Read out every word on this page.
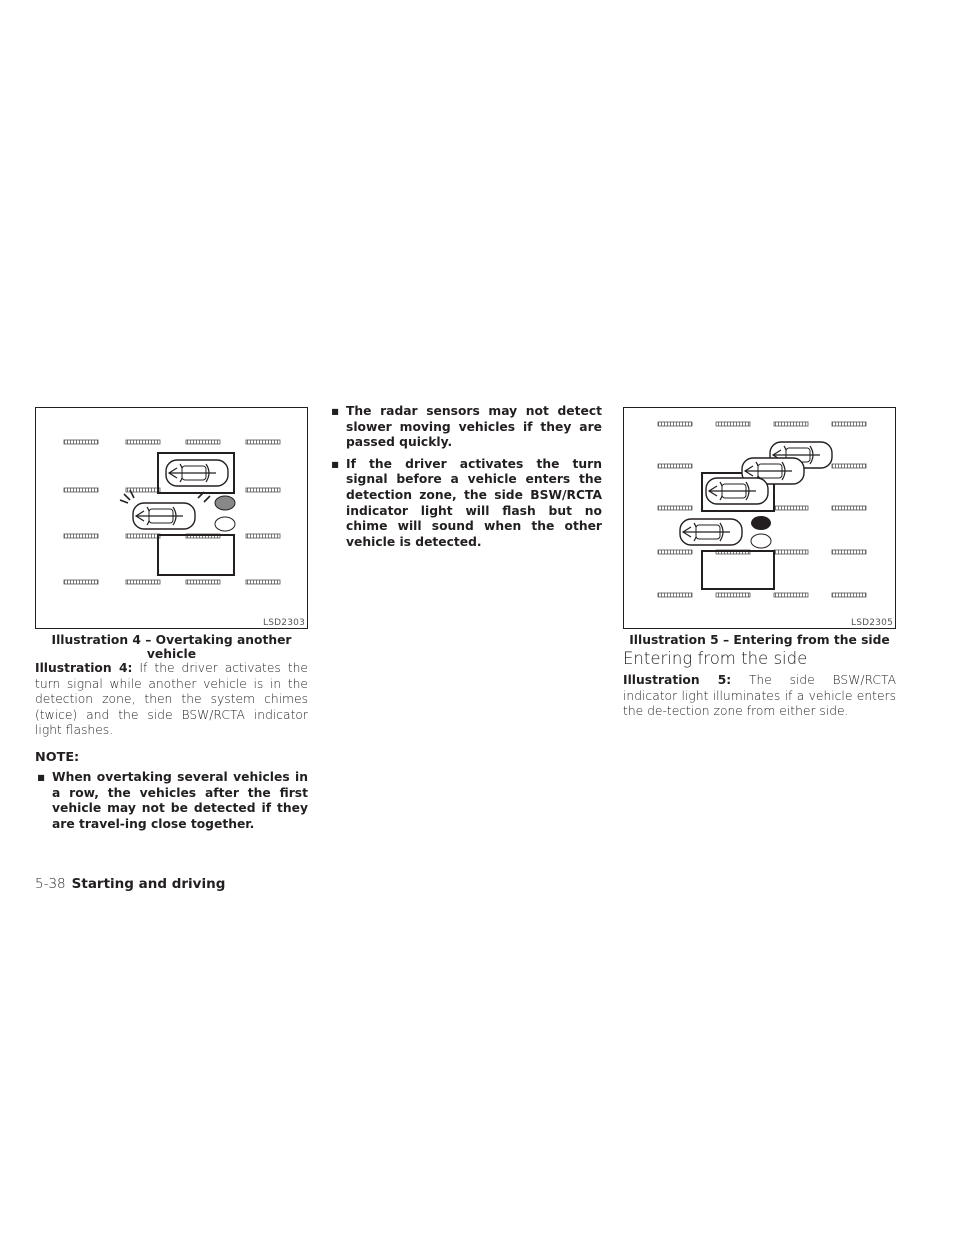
LSD2303
Illustration 4 – Overtaking another
vehicle
Illustration 4: If the driver activates the turn signal while another vehicle is in the detection zone, then the system chimes (twice) and the side BSW/RCTA indicator light flashes.
NOTE:
▪ When overtaking several vehicles in a row, the vehicles after the first vehicle may not be detected if they are travel-ing close together.
▪ The radar sensors may not detect slower moving vehicles if they are passed quickly.
▪ If the driver activates the turn signal before a vehicle enters the detection zone, the side BSW/RCTA indicator light will flash but no chime will sound when the other vehicle is detected.
LSD2305
Illustration 5 – Entering from the side
Entering from the side
Illustration 5: The side BSW/RCTA indicator light illuminates if a vehicle enters the de-tection zone from either side.
5-38 Starting and driving
